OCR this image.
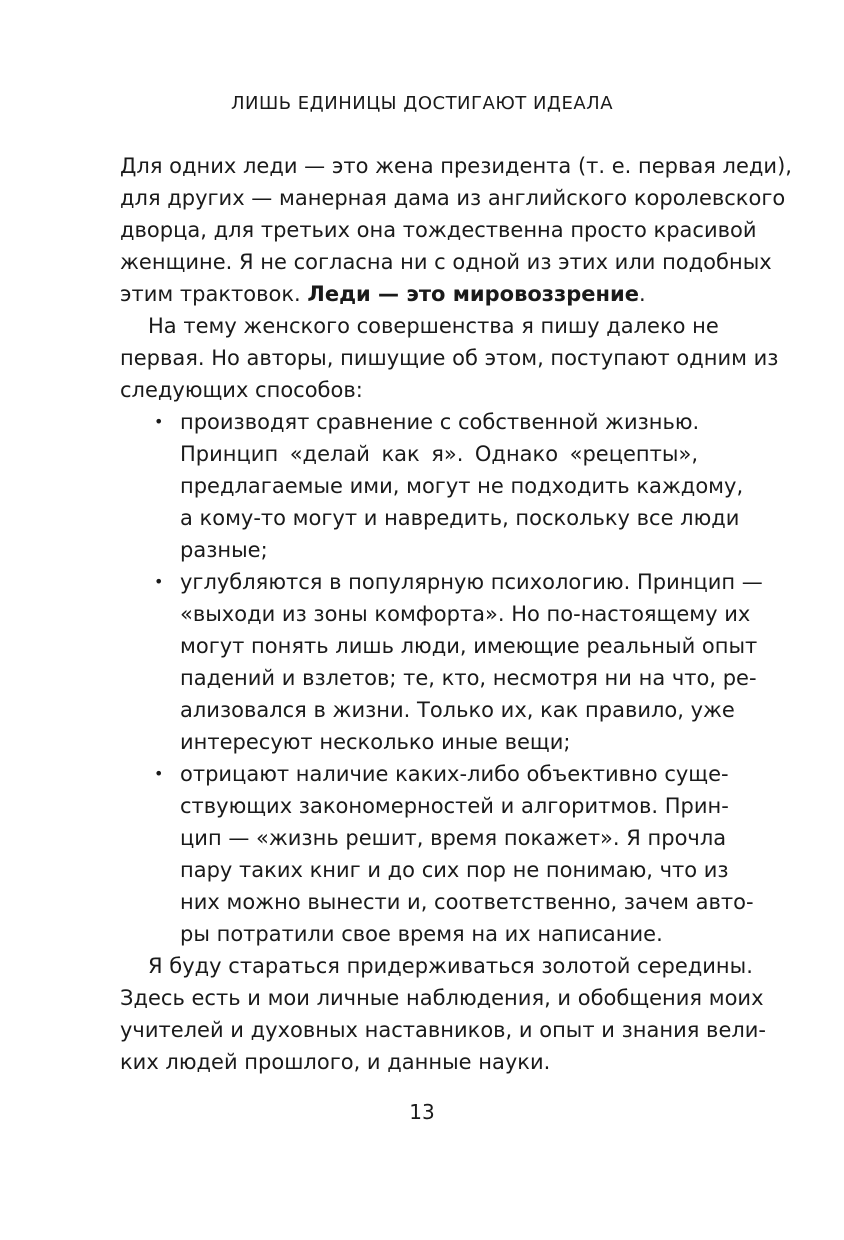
ЛИШЬ ЕДИНИЦЫ ДОСТИГАЮТ ИДЕАЛА
Для одних леди — это жена президента (т. е. первая леди),
для других — манерная дама из английского королевского
дворца, для третьих она тождественна просто красивой
женщине. Я не согласна ни с одной из этих или подобных
этим трактовок. Леди — это мировоззрение.
На тему женского совершенства я пишу далеко не
первая. Но авторы, пишущие об этом, поступают одним из
следующих способов:
• производят сравнение с собственной жизнью.
Принцип «делай как я». Однако «рецепты»,
предлагаемые ими, могут не подходить каждому,
а кому-то могут и навредить, поскольку все люди
разные;
• углубляются в популярную психологию. Принцип —
«выходи из зоны комфорта». Но по-настоящему их
могут понять лишь люди, имеющие реальный опыт
падений и взлетов; те, кто, несмотря ни на что, ре-
ализовался в жизни. Только их, как правило, уже
интересуют несколько иные вещи;
• отрицают наличие каких-либо объективно суще-
ствующих закономерностей и алгоритмов. Прин-
цип — «жизнь решит, время покажет». Я прочла
пару таких книг и до сих пор не понимаю, что из
них можно вынести и, соответственно, зачем авто-
ры потратили свое время на их написание.
Я буду стараться придерживаться золотой середины.
Здесь есть и мои личные наблюдения, и обобщения моих
учителей и духовных наставников, и опыт и знания вели-
ких людей прошлого, и данные науки.
13
